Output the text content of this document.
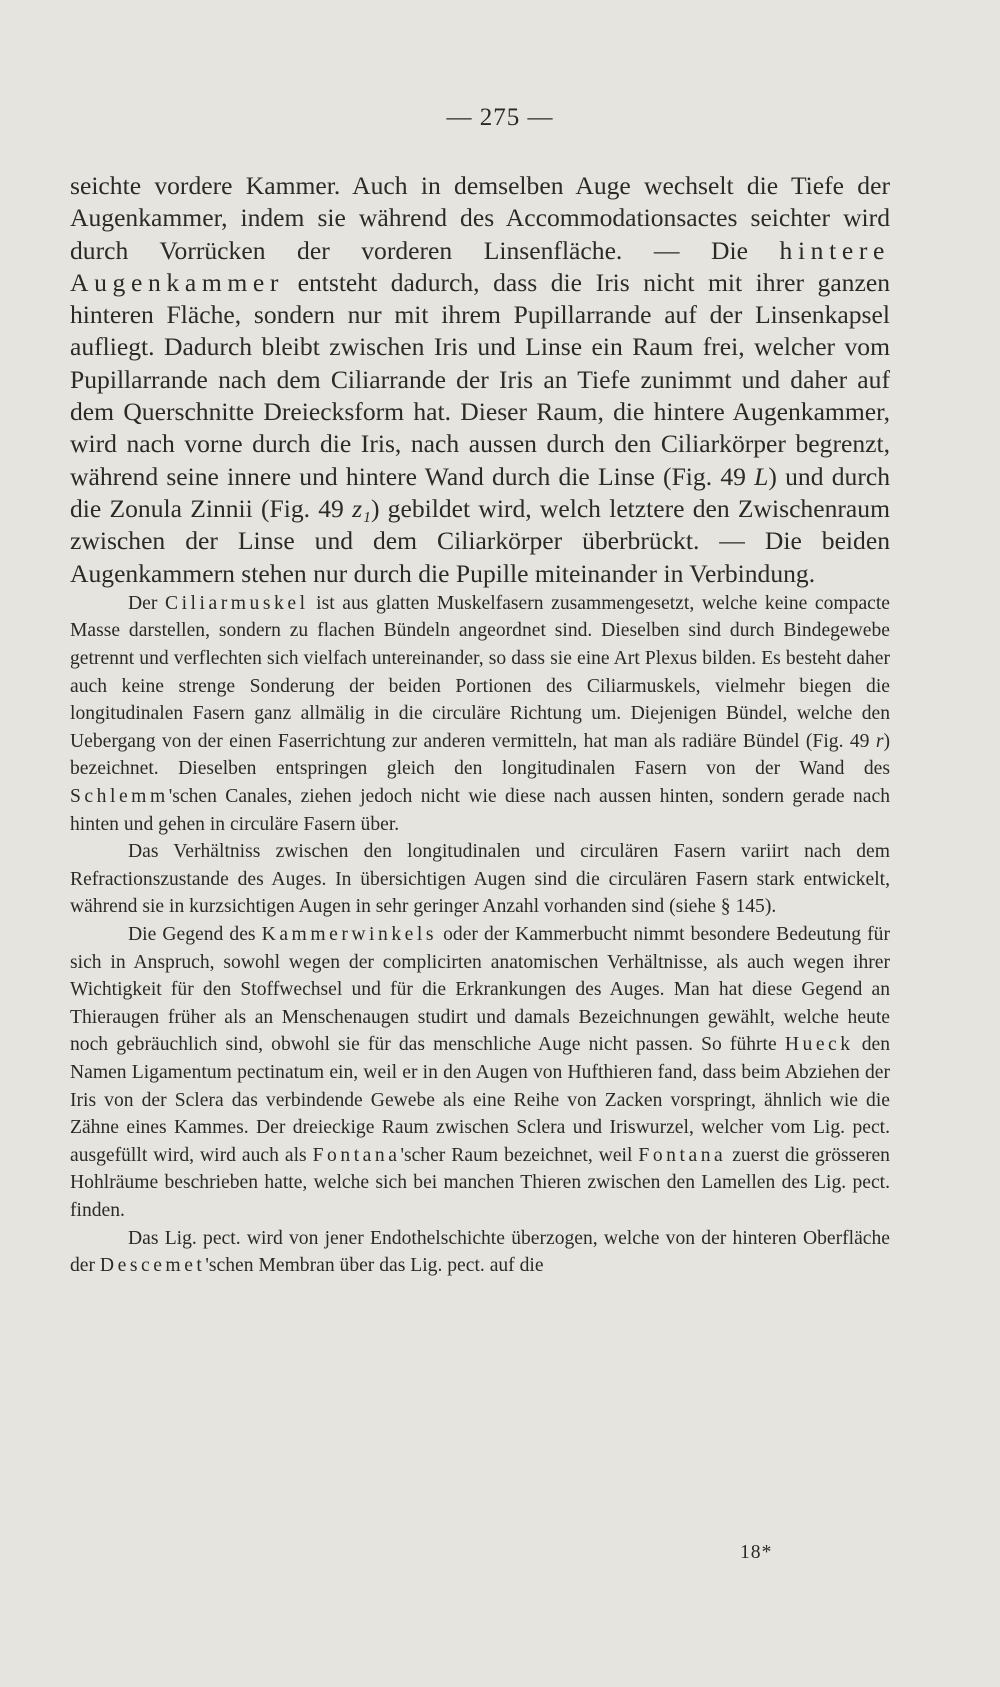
— 275 —

seichte vordere Kammer. Auch in demselben Auge wechselt die Tiefe der Augenkammer, indem sie während des Accommodationsactes seichter wird durch Vorrücken der vorderen Linsenfläche. — Die hintere Augenkammer entsteht dadurch, dass die Iris nicht mit ihrer ganzen hinteren Fläche, sondern nur mit ihrem Pupillarrande auf der Linsenkapsel aufliegt. Dadurch bleibt zwischen Iris und Linse ein Raum frei, welcher vom Pupillarrande nach dem Ciliarrande der Iris an Tiefe zunimmt und daher auf dem Querschnitte Dreiecksform hat. Dieser Raum, die hintere Augenkammer, wird nach vorne durch die Iris, nach aussen durch den Ciliarkörper begrenzt, während seine innere und hintere Wand durch die Linse (Fig. 49 L) und durch die Zonula Zinnii (Fig. 49 z₁) gebildet wird, welch letztere den Zwischenraum zwischen der Linse und dem Ciliarkörper überbrückt. — Die beiden Augenkammern stehen nur durch die Pupille miteinander in Verbindung.

Der Ciliarmuskel ist aus glatten Muskelfasern zusammengesetzt, welche keine compacte Masse darstellen, sondern zu flachen Bündeln angeordnet sind. Dieselben sind durch Bindegewebe getrennt und verflechten sich vielfach untereinander, so dass sie eine Art Plexus bilden. Es besteht daher auch keine strenge Sonderung der beiden Portionen des Ciliarmuskels, vielmehr biegen die longitudinalen Fasern ganz allmälig in die circuläre Richtung um. Diejenigen Bündel, welche den Uebergang von der einen Faserrichtung zur anderen vermitteln, hat man als radiäre Bündel (Fig. 49 r) bezeichnet. Dieselben entspringen gleich den longitudinalen Fasern von der Wand des Schlemm'schen Canales, ziehen jedoch nicht wie diese nach aussen hinten, sondern gerade nach hinten und gehen in circuläre Fasern über.

Das Verhältniss zwischen den longitudinalen und circulären Fasern variirt nach dem Refractionszustande des Auges. In übersichtigen Augen sind die circulären Fasern stark entwickelt, während sie in kurzsichtigen Augen in sehr geringer Anzahl vorhanden sind (siehe § 145).

Die Gegend des Kammerwinkels oder der Kammerbucht nimmt besondere Bedeutung für sich in Anspruch, sowohl wegen der complicirten anatomischen Verhältnisse, als auch wegen ihrer Wichtigkeit für den Stoffwechsel und für die Erkrankungen des Auges. Man hat diese Gegend an Thieraugen früher als an Menschenaugen studirt und damals Bezeichnungen gewählt, welche heute noch gebräuchlich sind, obwohl sie für das menschliche Auge nicht passen. So führte Hueck den Namen Ligamentum pectinatum ein, weil er in den Augen von Hufthieren fand, dass beim Abziehen der Iris von der Sclera das verbindende Gewebe als eine Reihe von Zacken vorspringt, ähnlich wie die Zähne eines Kammes. Der dreieckige Raum zwischen Sclera und Iriswurzel, welcher vom Lig. pect. ausgefüllt wird, wird auch als Fontana'scher Raum bezeichnet, weil Fontana zuerst die grösseren Hohlräume beschrieben hatte, welche sich bei manchen Thieren zwischen den Lamellen des Lig. pect. finden.

Das Lig. pect. wird von jener Endothelschichte überzogen, welche von der hinteren Oberfläche der Descemet'schen Membran über das Lig. pect. auf die

18*
